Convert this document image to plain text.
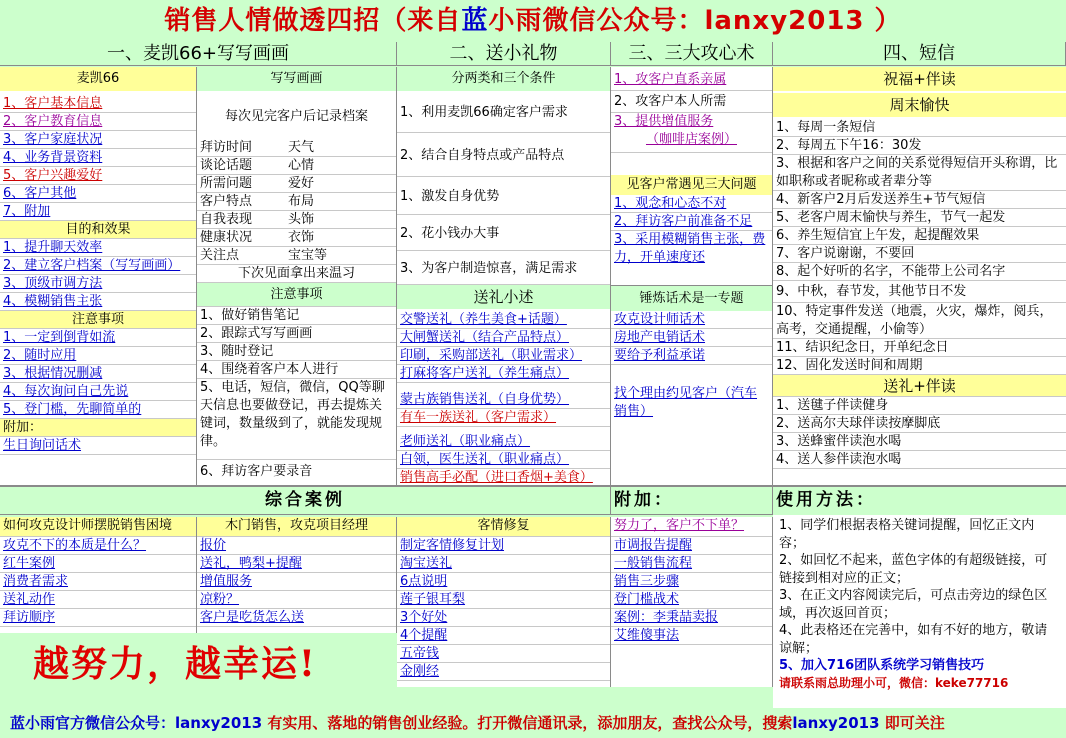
销售人情做透四招（来自蓝小雨微信公众号：lanxy2013 ）
一、麦凯66+写写画画	二、送小礼物	三、三大攻心术	四、短信
麦凯66
1、客户基本信息
2、客户教育信息
3、客户家庭状况
4、业务背景资料
5、客户兴趣爱好
6、客户其他
7、附加
目的和效果
1、提升聊天效率
2、建立客户档案（写写画画）
3、顶级市调方法
4、模糊销售主张
注意事项
1、一定到倒背如流
2、随时应用
3、根据情况删减
4、每次询问自己先说
5、登门槛，先聊简单的
附加：
生日询问话术
写写画画
每次见完客户后记录档案
拜访时间	天气
谈论话题	心情
所需问题	爱好
客户特点	布局
自我表现	头饰
健康状况	衣饰
关注点	宝宝等
下次见面拿出来温习
注意事项
1、做好销售笔记
2、跟踪式写写画画
3、随时登记
4、围绕着客户本人进行
5、电话，短信，微信，QQ等聊天信息也要做登记，再去提炼关键词，数量级到了，就能发现规律。
6、拜访客户要录音
分两类和三个条件
1、利用麦凯66确定客户需求
2、结合自身特点或产品特点
1、激发自身优势
2、花小钱办大事
3、为客户制造惊喜，满足需求
送礼小述
交警送礼（养生美食+话题）
大闸蟹送礼（结合产品特点）
印刷，采购部送礼（职业需求）
打麻将客户送礼（养生痛点）
蒙古族销售送礼（自身优势）
有车一族送礼（客户需求）
老师送礼（职业痛点）
白领，医生送礼（职业痛点）
销售高手必配（进口香烟+美食）
1、攻客户直系亲属
2、攻客户本人所需
3、提供增值服务
（咖啡店案例）
见客户常遇见三大问题
1、观念和心态不对
2、拜访客户前准备不足
3、采用模糊销售主张，费力，开单速度还
锤炼话术是一专题
攻克设计师话术
房地产电销话术
要给予利益承诺
找个理由约见客户（汽车销售）
祝福+伴读
周末愉快
1、每周一条短信
2、每周五下午16：30发
3、根据和客户之间的关系觉得短信开头称谓，比如职称或者昵称或者辈分等
4、新客户2月后发送养生+节气短信
5、老客户周末愉快与养生，节气一起发
6、养生短信宜上午发，起提醒效果
7、客户说谢谢，不要回
8、起个好听的名字，不能带上公司名字
9、中秋，春节发，其他节日不发
10、特定事件发送（地震，火灾，爆炸，阅兵，高考，交通提醒，小偷等）
11、结识纪念日，开单纪念日
12、固化发送时间和周期
送礼+伴读
1、送毽子伴读健身
2、送高尔夫球伴读按摩脚底
3、送蜂蜜伴读泡水喝
4、送人参伴读泡水喝
综合案例	附加：	使用方法：
如何攻克设计师摆脱销售困境
攻克不下的本质是什么？
红牛案例
消费者需求
送礼动作
拜访顺序
木门销售，攻克项目经理
报价
送礼，鸭梨+提醒
增值服务
凉粉？
客户是吃货怎么送
客情修复
制定客情修复计划
淘宝送礼
6点说明
莲子银耳梨
3个好处
4个提醒
五帝钱
金刚经
努力了，客户不下单？
市调报告提醒
一般销售流程
销售三步骤
登门槛战术
案例：李秉喆卖报
艾维傻事法
越努力，越幸运!
1、同学们根据表格关键词提醒，回忆正文内容；
2、如回忆不起来，蓝色字体的有超级链接，可链接到相对应的正文；
3、在正文内容阅读完后，可点击旁边的绿色区域，再次返回首页；
4、此表格还在完善中，如有不好的地方，敬请谅解；
5、加入716团队系统学习销售技巧
请联系雨总助理小可，微信：keke77716
蓝小雨官方微信公众号：lanxy2013 有实用、落地的销售创业经验。打开微信通讯录，添加朋友，查找公众号，搜索lanxy2013 即可关注
